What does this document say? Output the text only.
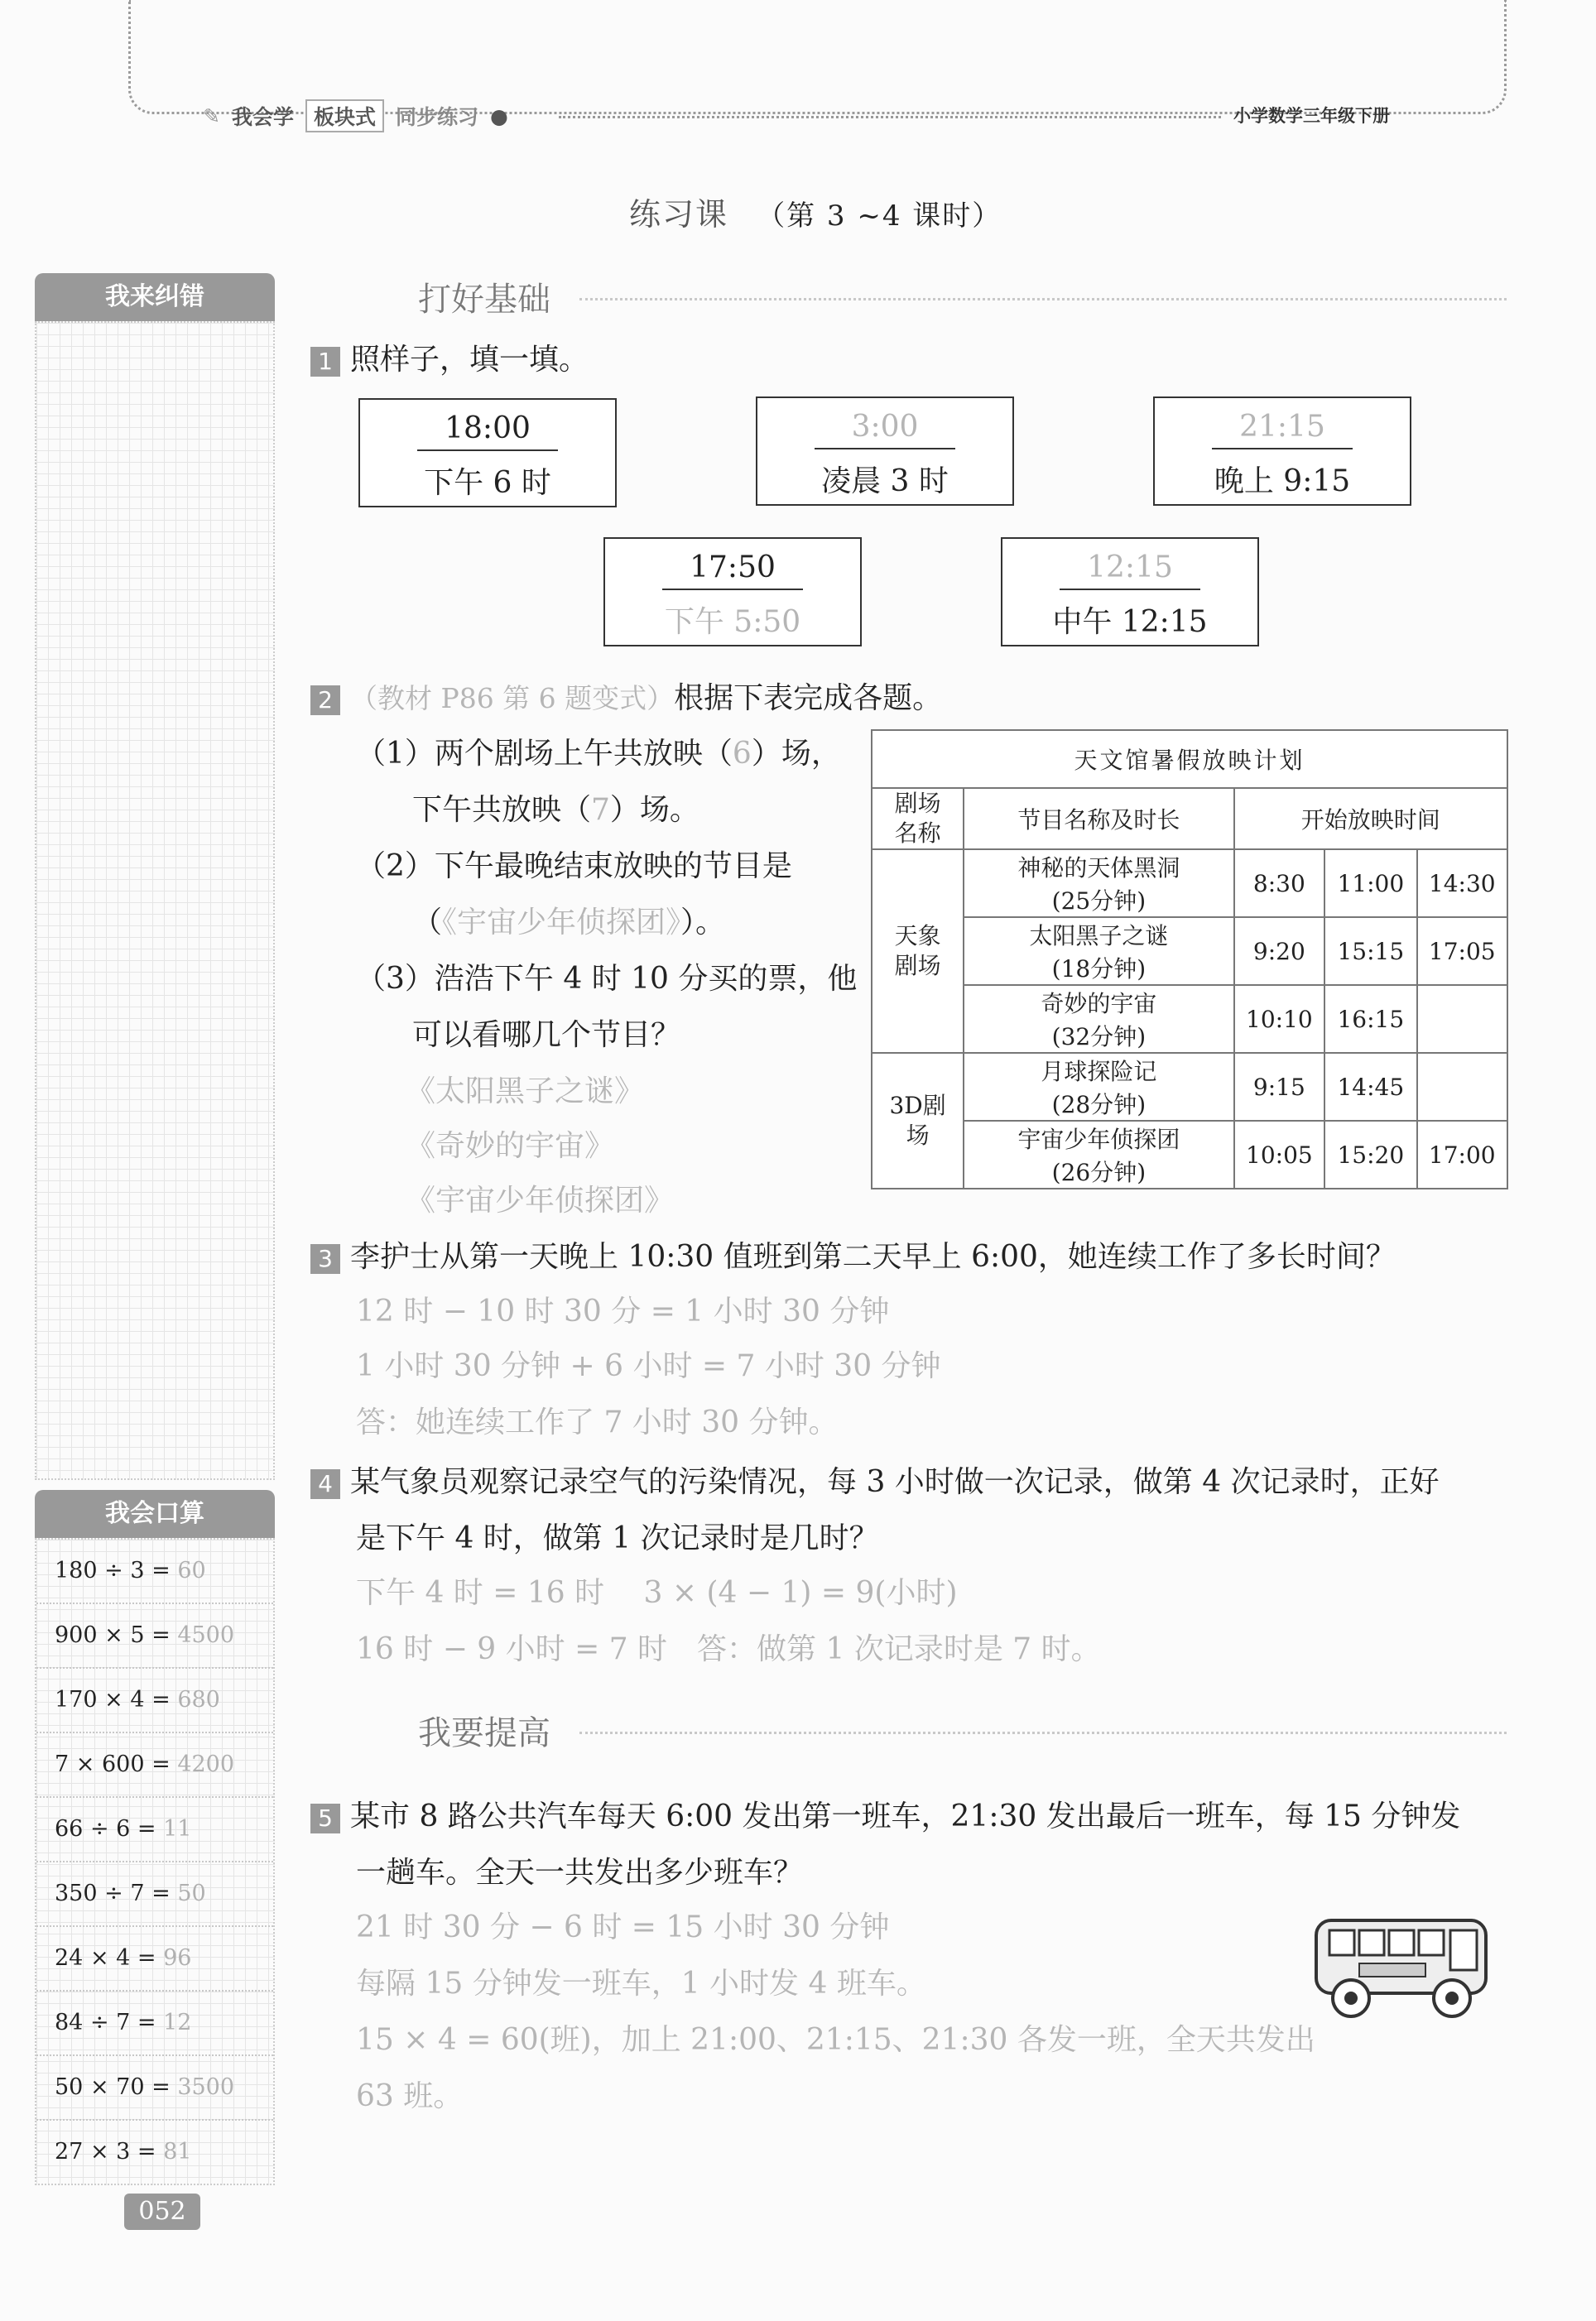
✎ 我会学 板块式 同步练习 ●	小学数学三年级下册
练习课 （第 3 ~4 课时）
我来纠错
我会口算
180 ÷ 3 = 60
900 × 5 = 4500
170 × 4 = 680
7 × 600 = 4200
66 ÷ 6 = 11
350 ÷ 7 = 50
24 × 4 = 96
84 ÷ 7 = 12
50 × 70 = 3500
27 × 3 = 81
打好基础
1 照样子，填一填。
18:00
下午 6 时
3:00
凌晨 3 时
21:15
晚上 9:15
17:50
下午 5:50
12:15
中午 12:15
2 （教材 P86 第 6 题变式）根据下表完成各题。
（1）两个剧场上午共放映（6）场，
下午共放映（7）场。
（2）下午最晚结束放映的节目是
（《宇宙少年侦探团》）。
（3）浩浩下午 4 时 10 分买的票，他
可以看哪几个节目？
《太阳黑子之谜》
《奇妙的宇宙》
《宇宙少年侦探团》
天文馆暑假放映计划				

剧场名称	节目名称及时长	开始放映时间		

天象剧场	神秘的天体黑洞
(25分钟)	8:30	11:00	14:30

	太阳黑子之谜
(18分钟)	9:20	15:15	17:05

	奇妙的宇宙
(32分钟)	10:10	16:15	

3D剧场	月球探险记
(28分钟)	9:15	14:45	

	宇宙少年侦探团
(26分钟)	10:05	15:20	17:00
3 李护士从第一天晚上 10:30 值班到第二天早上 6:00，她连续工作了多长时间？
12 时 − 10 时 30 分 = 1 小时 30 分钟
1 小时 30 分钟 + 6 小时 = 7 小时 30 分钟
答：她连续工作了 7 小时 30 分钟。
4 某气象员观察记录空气的污染情况，每 3 小时做一次记录，做第 4 次记录时，正好
是下午 4 时，做第 1 次记录时是几时？
下午 4 时 = 16 时　 3 × (4 − 1) = 9(小时)
16 时 − 9 小时 = 7 时　答：做第 1 次记录时是 7 时。
我要提高
5 某市 8 路公共汽车每天 6:00 发出第一班车，21:30 发出最后一班车，每 15 分钟发
一趟车。全天一共发出多少班车？
21 时 30 分 − 6 时 = 15 小时 30 分钟
每隔 15 分钟发一班车，1 小时发 4 班车。
15 × 4 = 60(班)，加上 21:00、21:15、21:30 各发一班，全天共发出
63 班。
052
